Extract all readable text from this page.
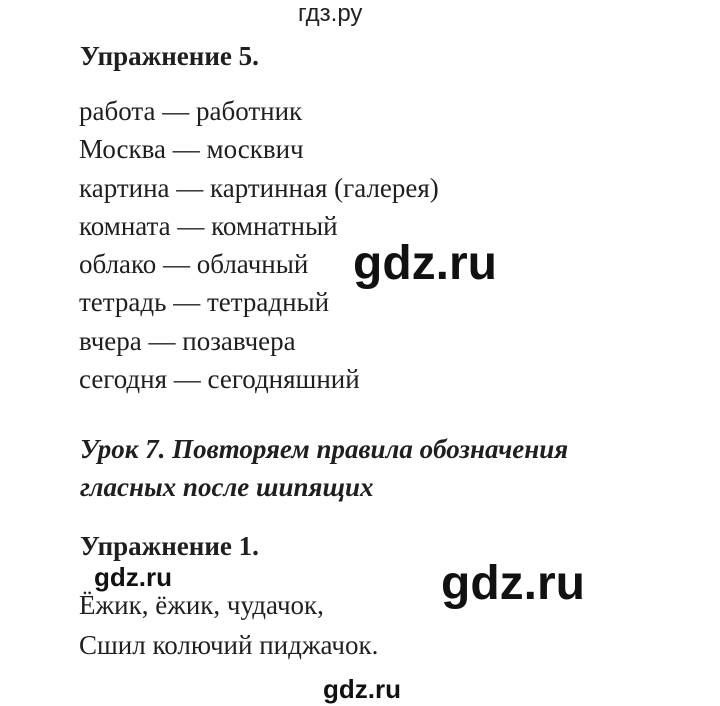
гдз.ру
Упражнение 5.
работа — работник
Москва — москвич
картина — картинная (галерея)
комната — комнатный
облако — облачный
тетрадь — тетрадный
вчера — позавчера
сегодня — сегодняшний
gdz.ru
Урок 7. Повторяем правила обозначения
гласных после шипящих
Упражнение 1.
Ёжик, ёжик, чудачок,
Сшил колючий пиджачок.
gdz.ru	gdz.ru
gdz.ru
